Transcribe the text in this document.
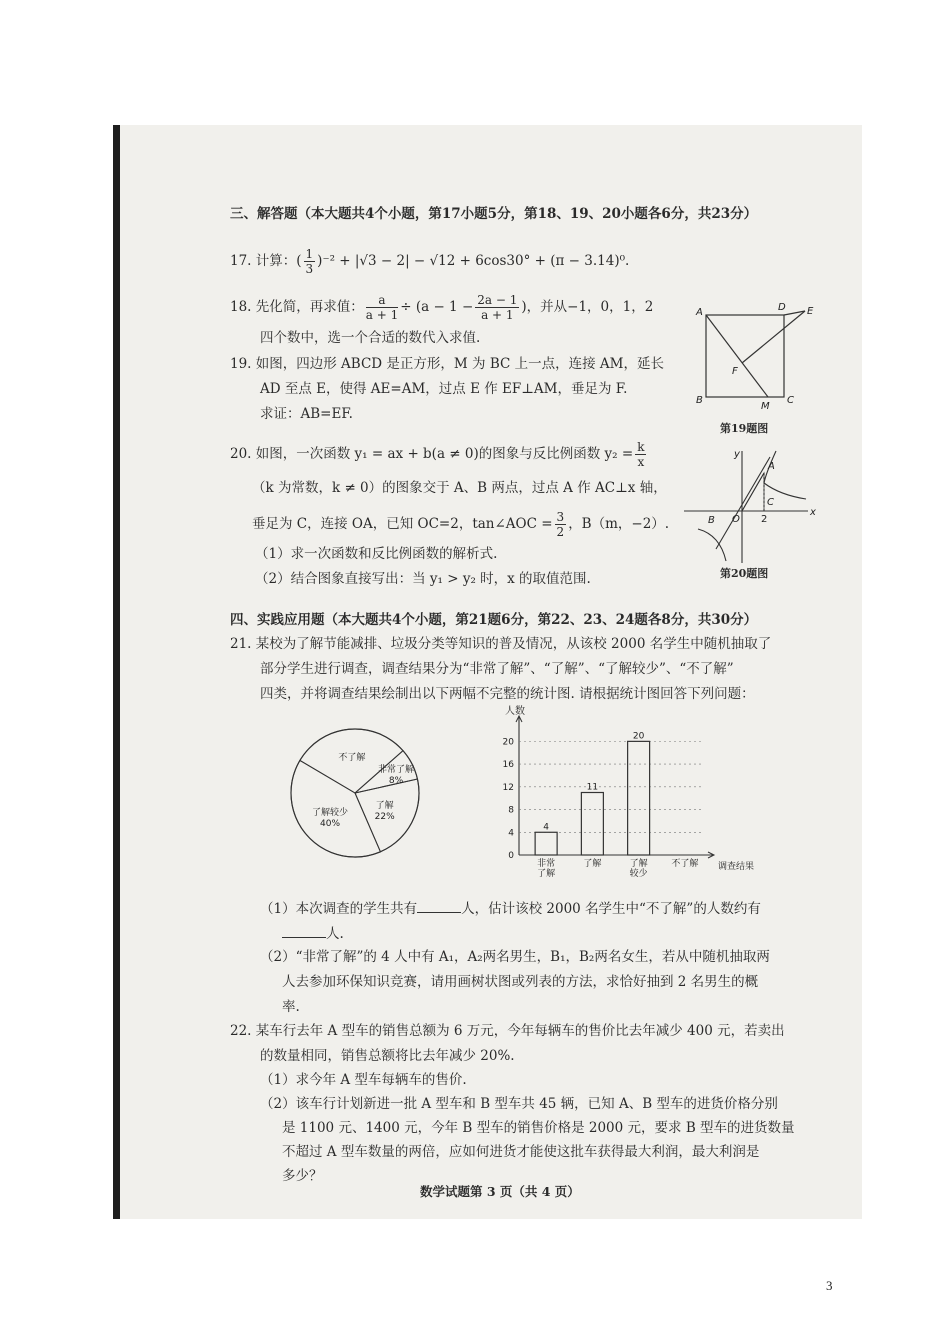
三、解答题（本大题共4个小题，第17小题5分，第18、19、20小题各6分，共23分）
17. 计算：( $\frac{1}{3} )^{-2} + |√3 - 2| - √12 + 6\cos 30^\circ + (\pi - 3.14)^0$.
18. 先化简，再求值： $\frac{a}{a + 1} \div (a - 1 - \frac{2a - 1}{a + 1}$ )，并从−1，0，1，2
四个数中，选一个合适的数代入求值.
19. 如图，四边形 ABCD 是正方形，M 为 BC 上一点，连接 AM，延长
AD 至点 E，使得 AE=AM，过点 E 作 EF⊥AM，垂足为 F.
求证：AB=EF.
A	D E
F
B
M
C
第19题图
20. 如图，一次函数 y₁ = ax + b(a ≠ 0)的图象与反比例函数 $y_2 = \frac{k}{x}$
（k 为常数，k ≠ 0）的图象交于 A、B 两点，过点 A 作 AC⊥x 轴，
垂足为 C，连接 OA，已知 OC=2，tan∠AOC = $\frac{3}{2}$ ，B（m，−2）.
（1）求一次函数和反比例函数的解析式.
（2）结合图象直接写出：当 y₁ > y₂ 时，x 的取值范围.
y
x
A
C
B O 2
第20题图
四、实践应用题（本大题共4个小题，第21题6分，第22、23、24题各8分，共30分）
21. 某校为了解节能减排、垃圾分类等知识的普及情况，从该校 2000 名学生中随机抽取了
部分学生进行调查，调查结果分为“非常了解”、“了解”、“了解较少”、“不了解”
四类，并将调查结果绘制出以下两幅不完整的统计图. 请根据统计图回答下列问题：
不了解
了解较少
40%
非常了解
8%
了解
22%
人数
调查结果
0
4
8
12
16
20
4
非常
了解
11
了解
20
了解
较少
不了解
（1）本次调查的学生共有	人，估计该校 2000 名学生中“不了解”的人数约有
人.
（2）“非常了解”的 4 人中有 A₁，A₂两名男生，B₁，B₂两名女生，若从中随机抽取两
人去参加环保知识竞赛，请用画树状图或列表的方法，求恰好抽到 2 名男生的概
率.
22. 某车行去年 A 型车的销售总额为 6 万元，今年每辆车的售价比去年减少 400 元，若卖出
的数量相同，销售总额将比去年减少 20%.
（1）求今年 A 型车每辆车的售价.
（2）该车行计划新进一批 A 型车和 B 型车共 45 辆，已知 A、B 型车的进货价格分别
是 1100 元、1400 元，今年 B 型车的销售价格是 2000 元，要求 B 型车的进货数量
不超过 A 型车数量的两倍，应如何进货才能使这批车获得最大利润，最大利润是
多少？
数学试题第 3 页（共 4 页）
3
